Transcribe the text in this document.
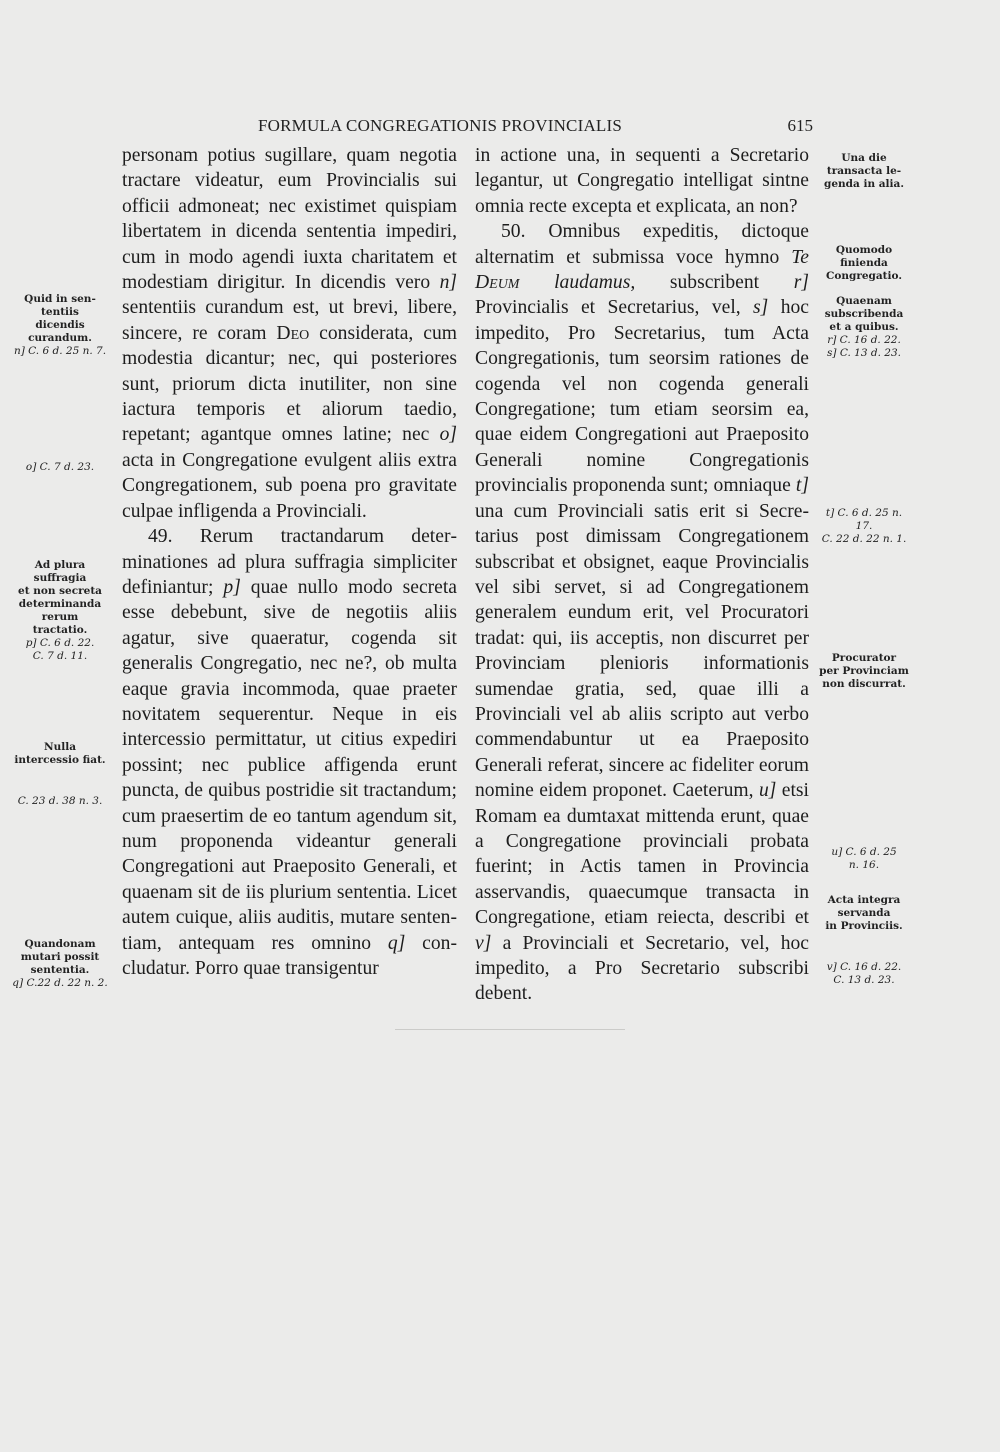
FORMULA CONGREGATIONIS PROVINCIALIS	615
Quid in sen-
tentiis
dicendis
curandum.
n] C. 6 d. 25 n. 7.
o] C. 7 d. 23.
Ad plura
suffragia
et non secreta
determinanda
rerum
tractatio.
p] C. 6 d. 22.
C. 7 d. 11.
Nulla
intercessio fiat.
C. 23 d. 38 n. 3.
Quandonam
mutari possit
sententia.
q] C.22 d. 22 n. 2.

personam potius sugillare, quam negotia tractare videatur, eum Provincialis sui officii admoneat; nec existimet quispiam libertatem in dicenda sententia impediri, cum in modo agendi iuxta charitatem et modestiam dirigitur. In dicendis vero n] sententiis curandum est, ut brevi, libere, sincere, re coram Deo considerata, cum modestia dicantur; nec, qui posteriores sunt, priorum dicta inutiliter, non sine iactura temporis et aliorum taedio, repetant; agantque omnes latine; nec o] acta in Congregatione evulgent aliis extra Congregationem, sub poena pro gravitate culpae infligenda a Provinciali.

49. Rerum tractandarum determinationes ad plura suffragia simpliciter definiantur; p] quae nullo modo secreta esse debebunt, sive de negotiis aliis agatur, sive quaeratur, cogenda sit generalis Congregatio, nec ne?, ob multa eaque gravia incommoda, quae praeter novitatem sequerentur. Neque in eis intercessio permittatur, ut citius expediri possint; nec publice affigenda erunt puncta, de quibus postridie sit tractandum; cum praesertim de eo tantum agendum sit, num proponenda videantur generali Congregationi aut Praeposito Generali, et quaenam sit de iis plurium sententia. Licet autem cuique, aliis auditis, mutare sententiam, antequam res omnino q] concludatur. Porro quae transigentur

in actione una, in sequenti a Secretario legantur, ut Congregatio intelligat sintne omnia recte excepta et explicata, an non?

50. Omnibus expeditis, dictoque alternatim et submissa voce hymno Te Deum laudamus, subscribent r] Provincialis et Secretarius, vel, s] hoc impedito, Pro Secretarius, tum Acta Congregationis, tum seorsim rationes de cogenda vel non cogenda generali Congregatione; tum etiam seorsim ea, quae eidem Congregationi aut Praeposito Generali nomine Congregationis provincialis proponenda sunt; omniaque t] una cum Provinciali satis erit si Secretarius post dimissam Congregationem subscribat et obsignet, eaque Provincialis vel sibi servet, si ad Congregationem generalem eundum erit, vel Procuratori tradat: qui, iis acceptis, non discurret per Provinciam plenioris informationis sumendae gratia, sed, quae illi a Provinciali vel ab aliis scripto aut verbo commendabuntur ut ea Praeposito Generali referat, sincere ac fideliter eorum nomine eidem proponet. Caeterum, u] etsi Romam ea dumtaxat mittenda erunt, quae a Congregatione provinciali probata fuerint; in Actis tamen in Provincia asservandis, quaecumque transacta in Congregatione, etiam reiecta, describi et v] a Provinciali et Secretario, vel, hoc impedito, a Pro Secretario subscribi debent.

Una die
transacta le-
genda in alia.
Quomodo
finienda
Congregatio.
Quaenam
subscribenda
et a quibus.
r] C. 16 d. 22.
s] C. 13 d. 23.
t] C. 6 d. 25 n. 17.
C. 22 d. 22 n. 1.
Procurator
per Provinciam
non discurrat.
u] C. 6 d. 25
n. 16.
Acta integra
servanda
in Provinciis.
v] C. 16 d. 22.
C. 13 d. 23.
